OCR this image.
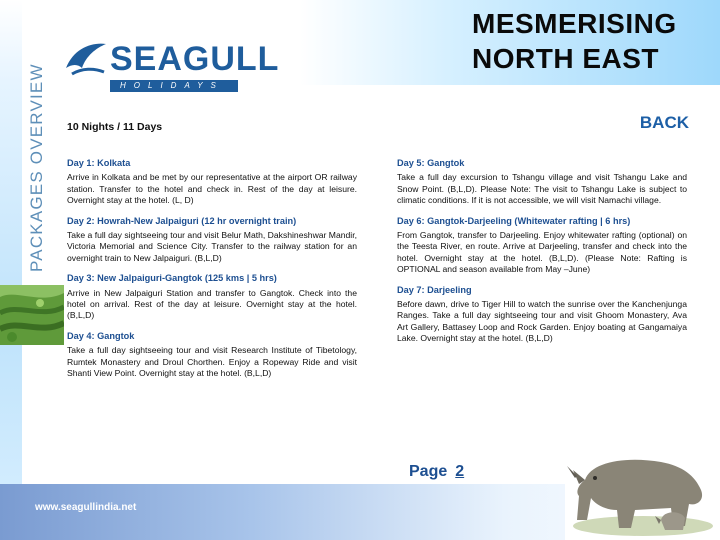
MESMERISING
NORTH EAST
PACKAGES OVERVIEW
SEAGULL
HOLIDAYS
BACK
10 Nights / 11 Days
Day 1: Kolkata
Arrive in Kolkata and be met by our representative at the airport OR railway station. Transfer to the hotel and check in. Rest of the day at leisure. Overnight stay at the hotel. (L, D)
Day 2: Howrah-New Jalpaiguri (12 hr overnight train)
Take a full day sightseeing tour and visit Belur Math, Dakshineshwar Mandir, Victoria Memorial and Science City. Transfer to the railway station for an overnight train to New Jalpaiguri. (B,L,D)
Day 3: New Jalpaiguri-Gangtok (125 kms | 5 hrs)
Arrive in New Jalpaiguri Station and transfer to Gangtok. Check into the hotel on arrival. Rest of the day at leisure. Overnight stay at the hotel. (B,L,D)
Day 4: Gangtok
Take a full day sightseeing tour and visit Research Institute of Tibetology, Rumtek Monastery and Droul Chorthen. Enjoy a Ropeway Ride and visit Shanti View Point. Overnight stay at the hotel. (B,L,D)
Day 5: Gangtok
Take a full day excursion to Tshangu village and visit Tshangu Lake and Snow Point. (B,L,D). Please Note: The visit to Tshangu Lake is subject to climatic conditions. If it is not accessible, we will visit Namachi village.
Day 6: Gangtok-Darjeeling (Whitewater rafting | 6 hrs)
From Gangtok, transfer to Darjeeling. Enjoy whitewater rafting (optional) on the Teesta River, en route. Arrive at Darjeeling, transfer and check into the hotel. Overnight stay at the hotel. (B,L,D). (Please Note: Rafting is OPTIONAL and season available from May –June)
Day 7: Darjeeling
Before dawn, drive to Tiger Hill to watch the sunrise over the Kanchenjunga Ranges. Take a full day sightseeing tour and visit Ghoom Monastery, Ava Art Gallery, Battasey Loop and Rock Garden. Enjoy boating at Gangamaiya Lake. Overnight stay at the hotel. (B,L,D)
Page 2
www.seagullindia.net
